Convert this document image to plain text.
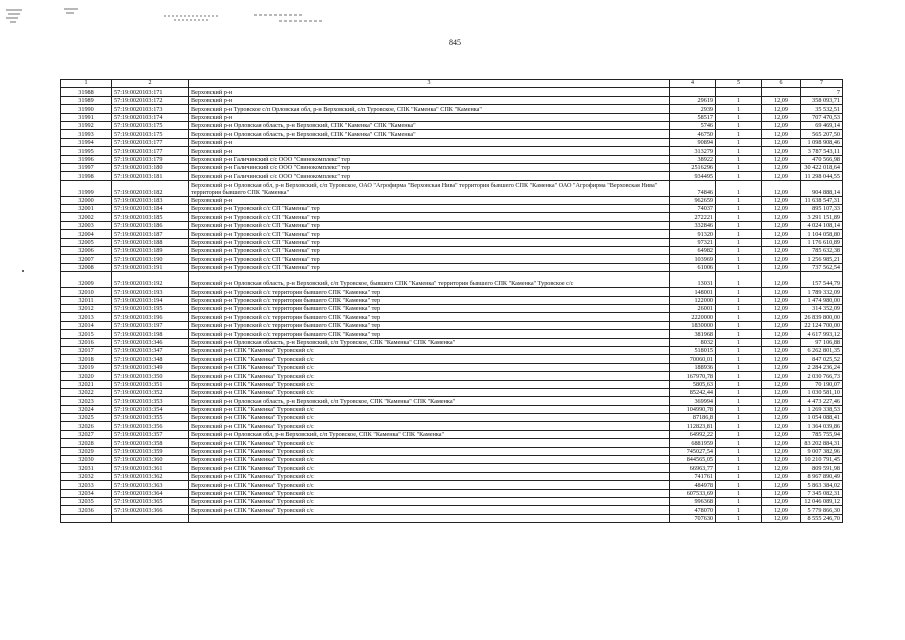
845
1	2	3	4	5	6	7
31988	57:19:0020103:171	Верховский р-н				7
31989	57:19:0020103:172	Верховский р-н	29619	1	12,09	358 093,71
31990	57:19:0020103:173	Верховский р-н Туровское с/п Орловская обл, р-н Верховский, с/п Туровское, СПК "Каменка" СПК "Каменка"	2939	1	12,09	35 532,51
31991	57:19:0020103:174	Верховский р-н	58517	1	12,09	707 470,53
31992	57:19:0020103:175	Верховский р-н Орловская область, р-н Верховский, СПК "Каменка" СПК "Каменка"	5746	1	12,09	69 469,14
31993	57:19:0020103:175	Верховский р-н Орловская область, р-н Верховский, СПК "Каменка" СПК "Каменка"	46750	1	12,09	565 207,50
31994	57:19:0020103:177	Верховский р-н	90894	1	12,09	1 098 908,46
31995	57:19:0020103:177	Верховский р-н	313279	1	12,09	3 787 543,11
31996	57:19:0020103:179	Верховский р-н Галичинский с/с ООО "Свинокомплекс" тер	38922	1	12,09	470 566,98
31997	57:19:0020103:180	Верховский р-н Галичинский с/с ООО "Свинокомплекс" тер	2516296	1	12,09	30 422 018,64
31998	57:19:0020103:181	Верховский р-н Галичинский с/с ООО "Свинокомплекс" тер	934495	1	12,09	11 298 044,55
31999	57:19:0020103:182	Верховский р-н Орловская обл, р-н Верховский, с/п Туровское, ОАО "Агрофирма "Верховская Нива" территория бывшего СПК "Каменка" ОАО "Агрофирма "Верховская Нива" территория бывшего СПК "Каменка"	74846	1	12,09	904 888,14
32000	57:19:0020103:183	Верховский р-н	962659	1	12,09	11 638 547,31
32001	57:19:0020103:184	Верховский р-н Туровский с/с СП "Каменка" тер	74037	1	12,09	895 107,33
32002	57:19:0020103:185	Верховский р-н Туровский с/с СП "Каменка" тер	272221	1	12,09	3 291 151,89
32003	57:19:0020103:186	Верховский р-н Туровский с/с СП "Каменка" тер	332846	1	12,09	4 024 108,14
32004	57:19:0020103:187	Верховский р-н Туровский с/с СП "Каменка" тер	91320	1	12,09	1 104 058,80
32005	57:19:0020103:188	Верховский р-н Туровский с/с СП "Каменка" тер	97321	1	12,09	1 176 610,89
32006	57:19:0020103:189	Верховский р-н Туровский с/с СП "Каменка" тер	64982	1	12,09	785 632,38
32007	57:19:0020103:190	Верховский р-н Туровский с/с СП "Каменка" тер	103969	1	12,09	1 256 985,21
32008	57:19:0020103:191	Верховский р-н Туровский с/с СП "Каменка" тер	61006	1	12,09	737 562,54
32009	57:19:0020103:192	Верховский р-н Орловская область, р-н Верховский, с/п Туровское, бывшего СПК "Каменка" территория бывшего СПК "Каменка" Туровское с/с	13031	1	12,09	157 544,79
32010	57:19:0020103:193	Верховский р-н Туровский с/с территория бывшего СПК "Каменка" тер	148001	1	12,09	1 789 332,09
32011	57:19:0020103:194	Верховский р-н Туровский с/с территория бывшего СПК "Каменка" тер	122000	1	12,09	1 474 980,00
32012	57:19:0020103:195	Верховский р-н Туровский с/с территория бывшего СПК "Каменка" тер	26001	1	12,09	314 352,09
32013	57:19:0020103:196	Верховский р-н Туровский с/с территория бывшего СПК "Каменка" тер	2220000	1	12,09	26 839 800,00
32014	57:19:0020103:197	Верховский р-н Туровский с/с территория бывшего СПК "Каменка" тер	1830000	1	12,09	22 124 700,00
32015	57:19:0020103:198	Верховский р-н Туровский с/с территория бывшего СПК "Каменка" тер	381968	1	12,09	4 617 993,12
32016	57:19:0020103:346	Верховский р-н Орловская область, р-н Верховский, с/п Туровское, СПК "Каменка" СПК "Каменка"	8032	1	12,09	97 106,88
32017	57:19:0020103:347	Верховский р-н СПК "Каменка" Туровский с/с	518015	1	12,09	6 262 801,35
32018	57:19:0020103:348	Верховский р-н СПК "Каменка" Туровский с/с	70060,01	1	12,09	847 025,52
32019	57:19:0020103:349	Верховский р-н СПК "Каменка" Туровский с/с	188936	1	12,09	2 284 236,24
32020	57:19:0020103:350	Верховский р-н СПК "Каменка" Туровский с/с	167970,78	1	12,09	2 030 766,73
32021	57:19:0020103:351	Верховский р-н СПК "Каменка" Туровский с/с	5805,63	1	12,09	70 190,07
32022	57:19:0020103:352	Верховский р-н СПК "Каменка" Туровский с/с	85242,44	1	12,09	1 030 581,10
32023	57:19:0020103:353	Верховский р-н Орловская область, р-н Верховский, с/п Туровское, СПК "Каменка" СПК "Каменка"	369994	1	12,09	4 473 227,46
32024	57:19:0020103:354	Верховский р-н СПК "Каменка" Туровский с/с	104990,78	1	12,09	1 269 338,53
32025	57:19:0020103:355	Верховский р-н СПК "Каменка" Туровский с/с	87186,8	1	12,09	1 054 088,41
32026	57:19:0020103:356	Верховский р-н СПК "Каменка" Туровский с/с	112823,81	1	12,09	1 364 039,86
32027	57:19:0020103:357	Верховский р-н Орловская обл, р-н Верховский, с/п Туровское, СПК "Каменка" СПК "Каменка"	64992,22	1	12,09	785 755,94
32028	57:19:0020103:358	Верховский р-н СПК "Каменка" Туровский с/с	6881959	1	12,09	83 202 884,31
32029	57:19:0020103:359	Верховский р-н СПК "Каменка" Туровский с/с	745027,54	1	12,09	9 007 382,96
32030	57:19:0020103:360	Верховский р-н СПК "Каменка" Туровский с/с	844565,05	1	12,09	10 210 791,45
32031	57:19:0020103:361	Верховский р-н СПК "Каменка" Туровский с/с	66963,77	1	12,09	809 591,98
32032	57:19:0020103:362	Верховский р-н СПК "Каменка" Туровский с/с	741761	1	12,09	8 967 890,49
32033	57:19:0020103:363	Верховский р-н СПК "Каменка" Туровский с/с	484978	1	12,09	5 863 384,02
32034	57:19:0020103:364	Верховский р-н СПК "Каменка" Туровский с/с	607533,69	1	12,09	7 345 082,31
32035	57:19:0020103:365	Верховский р-н СПК "Каменка" Туровский с/с	996368	1	12,09	12 046 089,12
32036	57:19:0020103:366	Верховский р-н СПК "Каменка" Туровский с/с	478070	1	12,09	5 779 866,30
			707630	1	12,09	8 555 246,70
